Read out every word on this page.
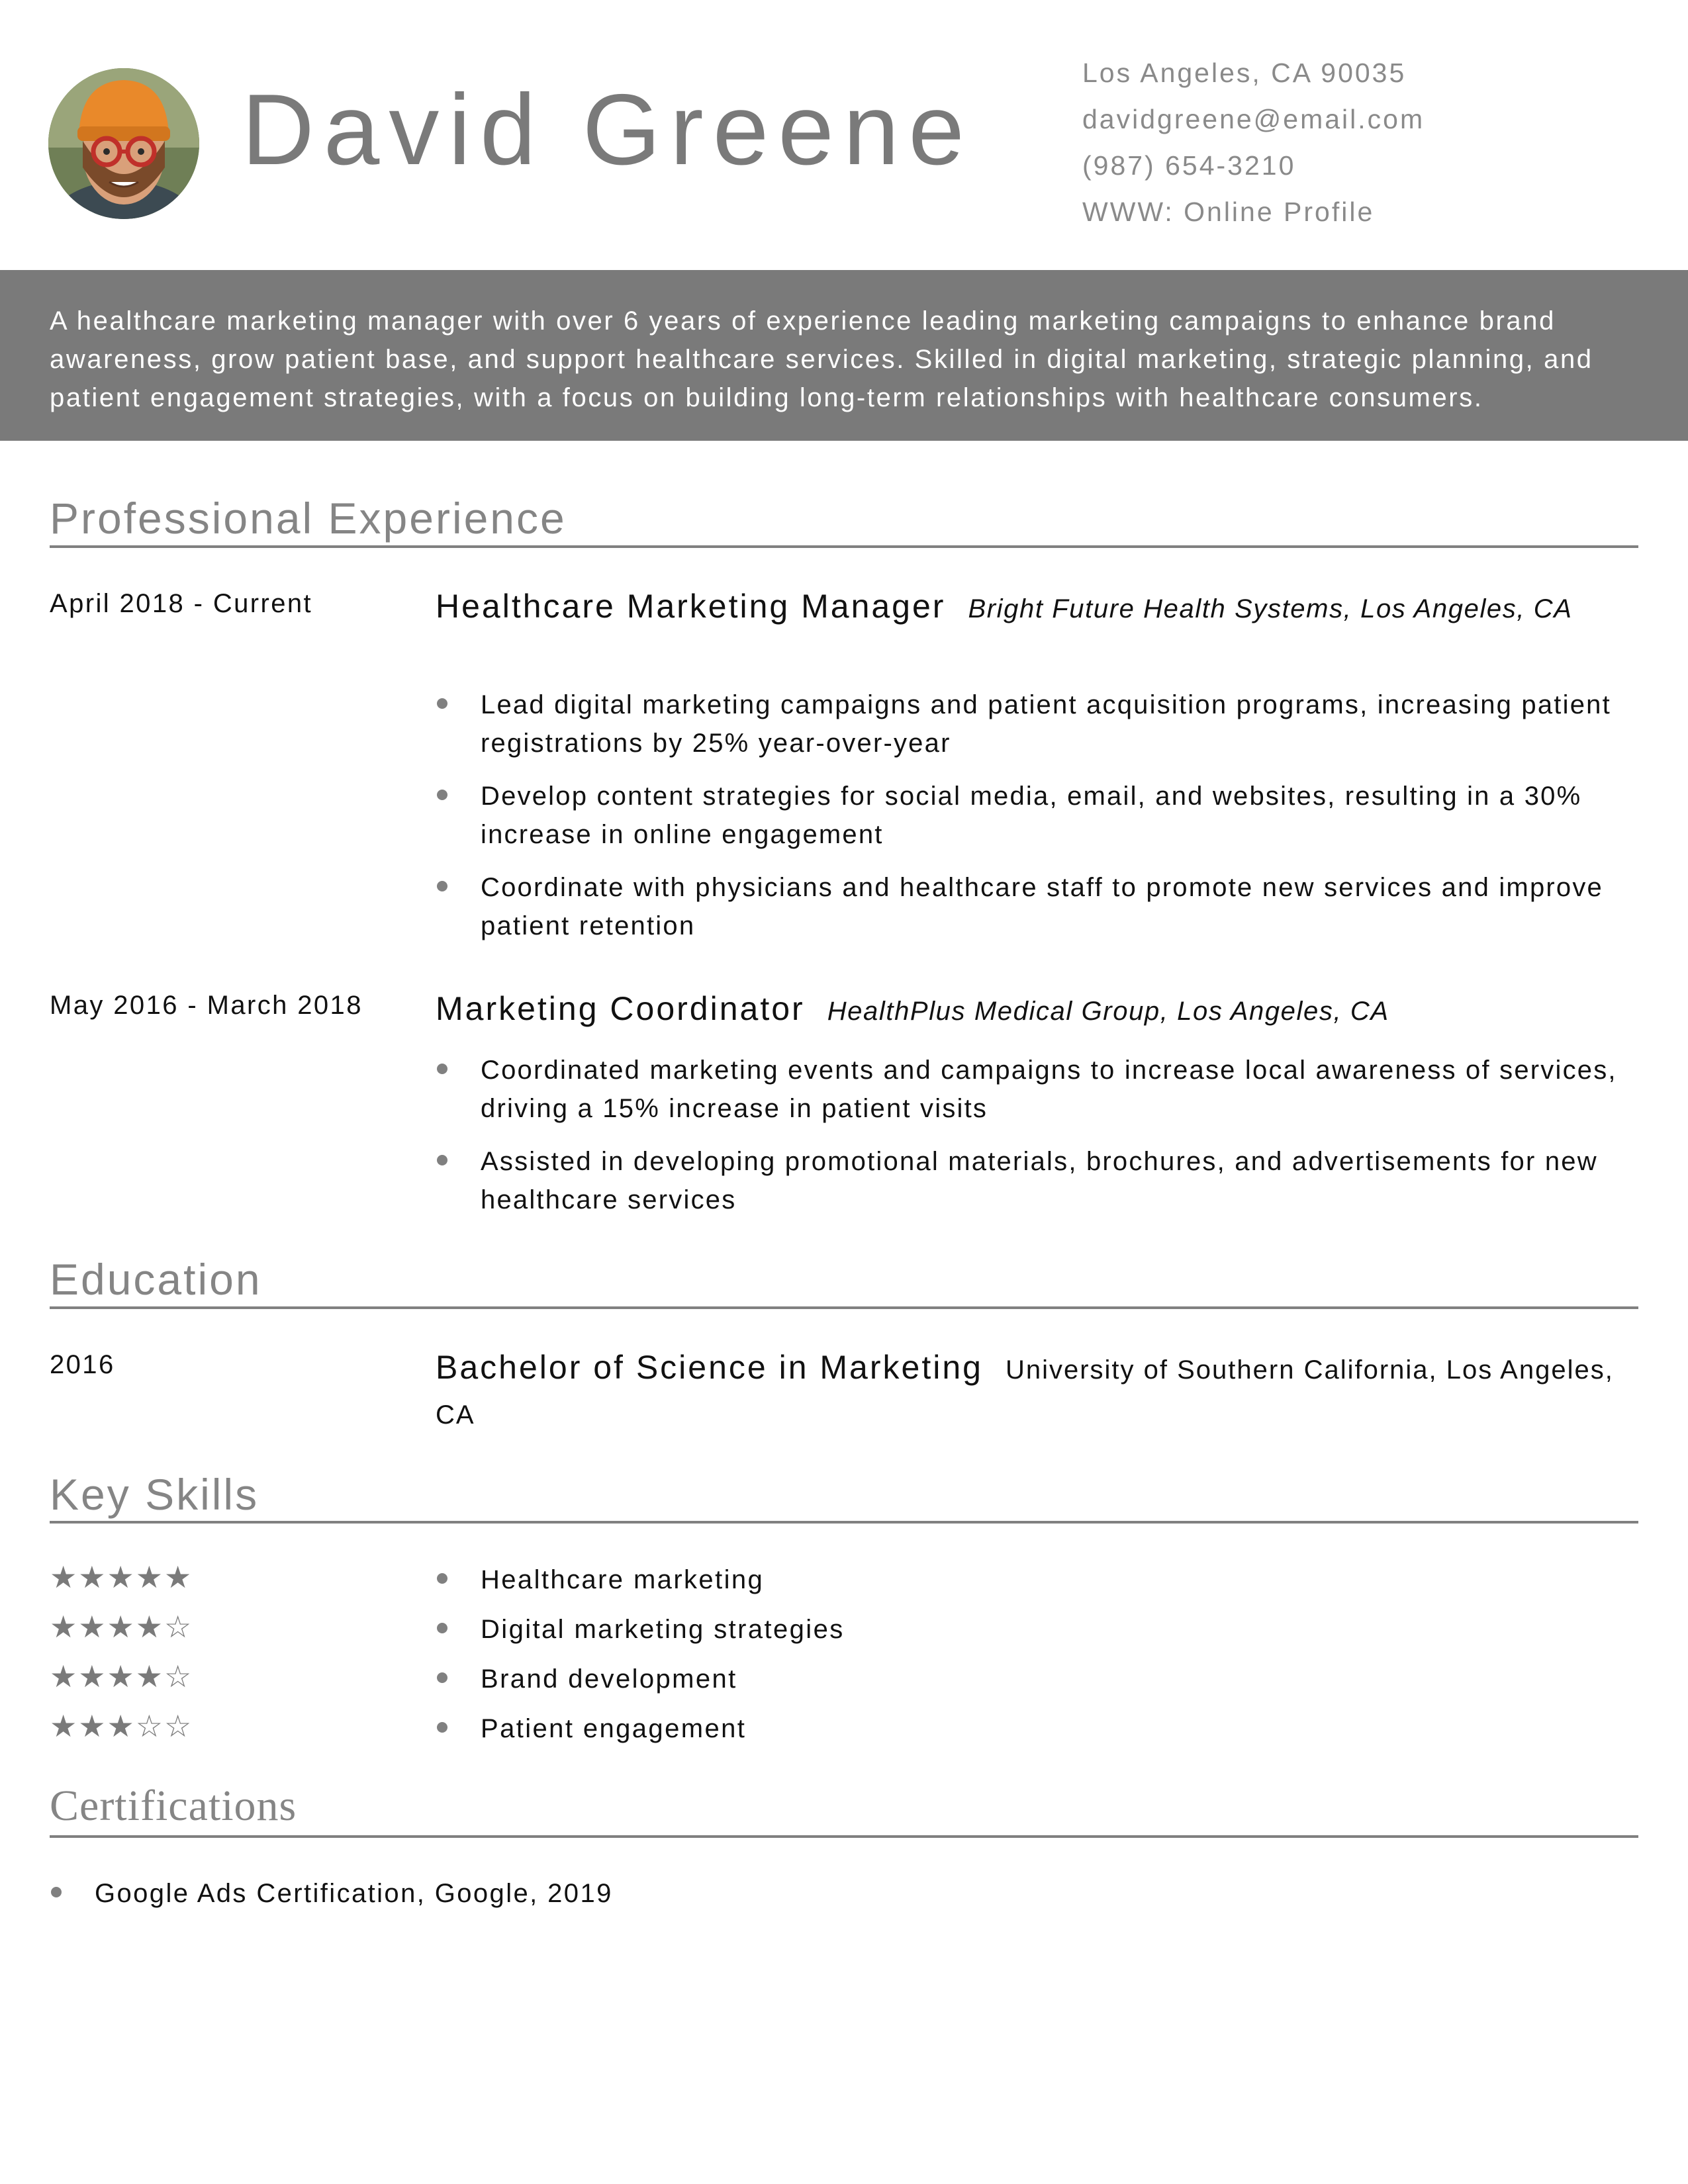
David Greene
Los Angeles, CA 90035
davidgreene@email.com
(987) 654-3210
WWW: Online Profile
A healthcare marketing manager with over 6 years of experience leading marketing campaigns to enhance brand awareness, grow patient base, and support healthcare services. Skilled in digital marketing, strategic planning, and patient engagement strategies, with a focus on building long-term relationships with healthcare consumers.
Professional Experience
April 2018 - Current	Healthcare Marketing Manager Bright Future Health Systems, Los Angeles, CA
Lead digital marketing campaigns and patient acquisition programs, increasing patient registrations by 25% year-over-year
Develop content strategies for social media, email, and websites, resulting in a 30% increase in online engagement
Coordinate with physicians and healthcare staff to promote new services and improve patient retention
May 2016 - March 2018 Marketing Coordinator HealthPlus Medical Group, Los Angeles, CA
Coordinated marketing events and campaigns to increase local awareness of services, driving a 15% increase in patient visits
Assisted in developing promotional materials, brochures, and advertisements for new healthcare services
Education
2016	Bachelor of Science in Marketing University of Southern California, Los Angeles, CA
Key Skills
★★★★★
★★★★☆
★★★★☆
★★★☆☆
Healthcare marketing
Digital marketing strategies
Brand development
Patient engagement
Certifications
Google Ads Certification, Google, 2019
